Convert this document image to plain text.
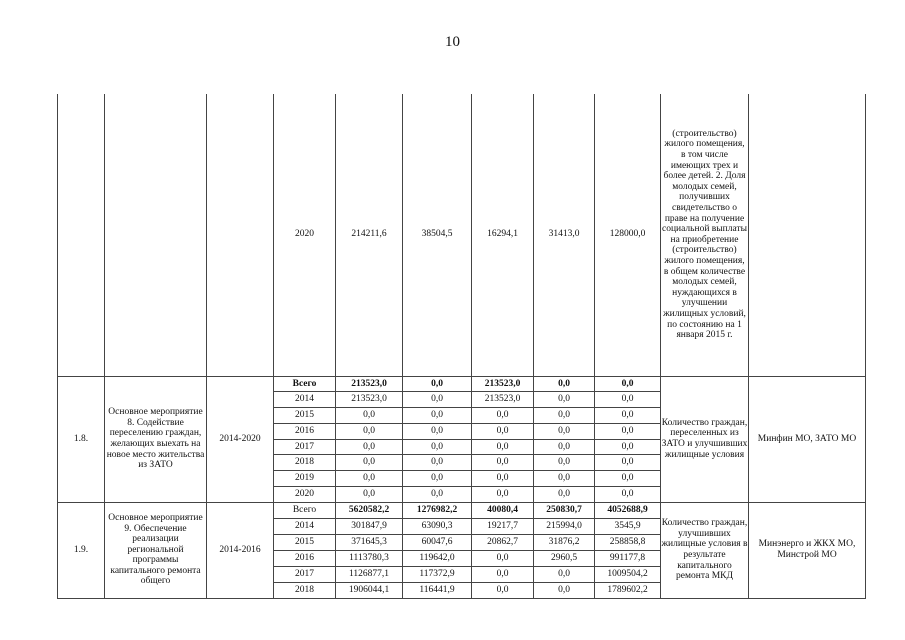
10
			2020	214211,6	38504,5	16294,1	31413,0	128000,0	(строительство) жилого помещения, в том числе имеющих трех и более детей. 2. Доля молодых семей, получивших свидетельство о праве на получение социальной выплаты на приобретение (строительство) жилого помещения, в общем количестве молодых семей, нуждающихся в улучшении жилищных условий, по состоянию на 1 января 2015 г.	
1.8.	Основное мероприятие 8. Содействие переселению граждан, желающих выехать на новое место жительства из ЗАТО	2014-2020	Всего	213523,0	0,0	213523,0	0,0	0,0	Количество граждан, переселенных из ЗАТО и улучшивших жилищные условия	Минфин МО, ЗАТО МО
			2014	213523,0	0,0	213523,0	0,0	0,0		
			2015	0,0	0,0	0,0	0,0	0,0		
			2016	0,0	0,0	0,0	0,0	0,0		
			2017	0,0	0,0	0,0	0,0	0,0		
			2018	0,0	0,0	0,0	0,0	0,0		
			2019	0,0	0,0	0,0	0,0	0,0		
			2020	0,0	0,0	0,0	0,0	0,0		
1.9.	Основное мероприятие 9. Обеспечение реализации региональной программы капитального ремонта общего	2014-2016	Всего	5620582,2	1276982,2	40080,4	250830,7	4052688,9	Количество граждан, улучшивших жилищные условия в результате капитального ремонта МКД	Минэнерго и ЖКХ МО, Минстрой МО
			2014	301847,9	63090,3	19217,7	215994,0	3545,9		
			2015	371645,3	60047,6	20862,7	31876,2	258858,8		
			2016	1113780,3	119642,0	0,0	2960,5	991177,8		
			2017	1126877,1	117372,9	0,0	0,0	1009504,2		
			2018	1906044,1	116441,9	0,0	0,0	1789602,2		
